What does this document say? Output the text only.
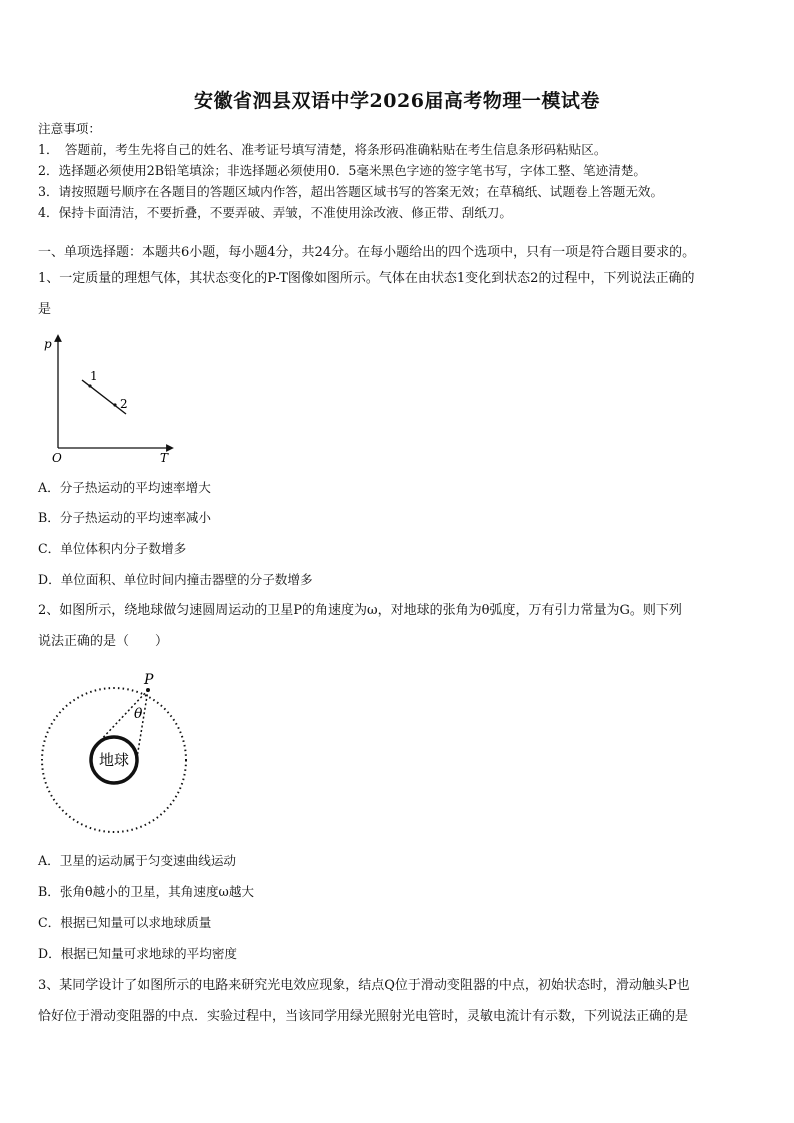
安徽省泗县双语中学2026届高考物理一模试卷
注意事项：
1．　答题前，考生先将自己的姓名、准考证号填写清楚，将条形码准确粘贴在考生信息条形码粘贴区。
2．选择题必须使用2B铅笔填涂；非选择题必须使用0．5毫米黑色字迹的签字笔书写，字体工整、笔迹清楚。
3．请按照题号顺序在各题目的答题区域内作答，超出答题区域书写的答案无效；在草稿纸、试题卷上答题无效。
4．保持卡面清洁，不要折叠，不要弄破、弄皱，不准使用涂改液、修正带、刮纸刀。
一、单项选择题：本题共6小题，每小题4分，共24分。在每小题给出的四个选项中，只有一项是符合题目要求的。
1、一定质量的理想气体，其状态变化的P-T图像如图所示。气体在由状态1变化到状态2的过程中，下列说法正确的
是
p
T
O
1
2
A．分子热运动的平均速率增大
B．分子热运动的平均速率减小
C．单位体积内分子数增多
D．单位面积、单位时间内撞击器壁的分子数增多
2、如图所示，绕地球做匀速圆周运动的卫星P的角速度为ω，对地球的张角为θ弧度，万有引力常量为G。则下列
说法正确的是（　　）
P
θ
地球
A．卫星的运动属于匀变速曲线运动
B．张角θ越小的卫星，其角速度ω越大
C．根据已知量可以求地球质量
D．根据已知量可求地球的平均密度
3、某同学设计了如图所示的电路来研究光电效应现象，结点Q位于滑动变阻器的中点，初始状态时，滑动触头P也
恰好位于滑动变阻器的中点．实验过程中，当该同学用绿光照射光电管时，灵敏电流计有示数，下列说法正确的是
